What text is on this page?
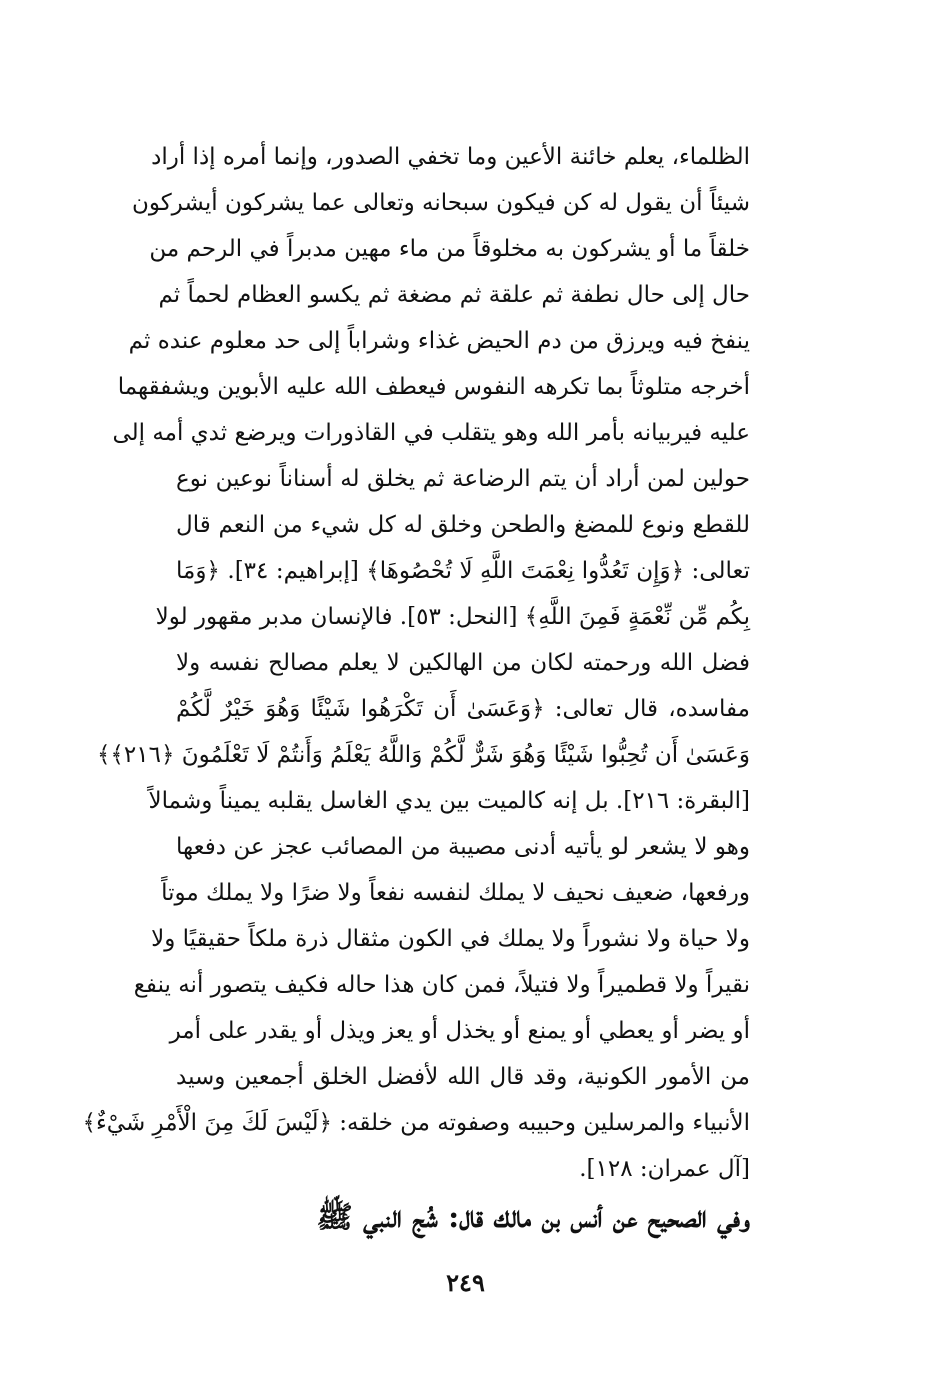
الظلماء، يعلم خائنة الأعين وما تخفي الصدور، وإنما أمره إذا أراد
شيئاً أن يقول له كن فيكون سبحانه وتعالى عما يشركون أيشركون
خلقاً ما أو يشركون به مخلوقاً من ماء مهين مدبراً في الرحم من
حال إلى حال نطفة ثم علقة ثم مضغة ثم يكسو العظام لحماً ثم
ينفخ فيه ويرزق من دم الحيض غذاء وشراباً إلى حد معلوم عنده ثم
أخرجه متلوثاً بما تكرهه النفوس فيعطف الله عليه الأبوين ويشفقهما
عليه فيربيانه بأمر الله وهو يتقلب في القاذورات ويرضع ثدي أمه إلى
حولين لمن أراد أن يتم الرضاعة ثم يخلق له أسناناً نوعين نوع
للقطع ونوع للمضغ والطحن وخلق له كل شيء من النعم قال
تعالى: ﴿وَإِن تَعُدُّوا نِعْمَتَ اللَّهِ لَا تُحْصُوهَا﴾ [إبراهيم: ٣٤]. ﴿وَمَا
بِكُم مِّن نِّعْمَةٍ فَمِنَ اللَّهِ﴾ [النحل: ٥٣]. فالإنسان مدبر مقهور لولا
فضل الله ورحمته لكان من الهالكين لا يعلم مصالح نفسه ولا
مفاسده، قال تعالى: ﴿وَعَسَىٰ أَن تَكْرَهُوا شَيْئًا وَهُوَ خَيْرٌ لَّكُمْ
وَعَسَىٰ أَن تُحِبُّوا شَيْئًا وَهُوَ شَرٌّ لَّكُمْ وَاللَّهُ يَعْلَمُ وَأَنتُمْ لَا تَعْلَمُونَ ﴿٢١٦﴾﴾
[البقرة: ٢١٦]. بل إنه كالميت بين يدي الغاسل يقلبه يميناً وشمالاً
وهو لا يشعر لو يأتيه أدنى مصيبة من المصائب عجز عن دفعها
ورفعها، ضعيف نحيف لا يملك لنفسه نفعاً ولا ضرًا ولا يملك موتاً
ولا حياة ولا نشوراً ولا يملك في الكون مثقال ذرة ملكاً حقيقيًا ولا
نقيراً ولا قطميراً ولا فتيلاً، فمن كان هذا حاله فكيف يتصور أنه ينفع
أو يضر أو يعطي أو يمنع أو يخذل أو يعز ويذل أو يقدر على أمر
من الأمور الكونية، وقد قال الله لأفضل الخلق أجمعين وسيد
الأنبياء والمرسلين وحبيبه وصفوته من خلقه: ﴿لَيْسَ لَكَ مِنَ الْأَمْرِ شَيْءٌ﴾
[آل عمران: ١٢٨].
وفي الصحيح عن أنس بن مالك قال: شُج النبي ﷺ
٢٤٩
